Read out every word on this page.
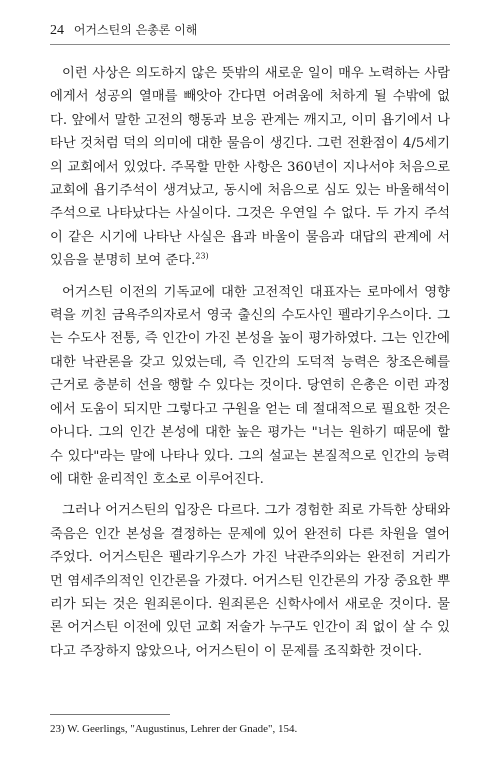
24 어거스틴의 은총론 이해

이런 사상은 의도하지 않은 뜻밖의 새로운 일이 매우 노력하는 사람에게서 성공의 열매를 빼앗아 간다면 어려움에 처하게 될 수밖에 없다. 앞에서 말한 고전의 행동과 보응 관계는 깨지고, 이미 욥기에서 나타난 것처럼 덕의 의미에 대한 물음이 생긴다. 그런 전환점이 4/5세기의 교회에서 있었다. 주목할 만한 사항은 360년이 지나서야 처음으로 교회에 욥기주석이 생겨났고, 동시에 처음으로 심도 있는 바울해석이 주석으로 나타났다는 사실이다. 그것은 우연일 수 없다. 두 가지 주석이 같은 시기에 나타난 사실은 욥과 바울이 물음과 대답의 관계에 서 있음을 분명히 보여 준다.$^{23)}$

어거스틴 이전의 기독교에 대한 고전적인 대표자는 로마에서 영향력을 끼친 금욕주의자로서 영국 출신의 수도사인 펠라기우스이다. 그는 수도사 전통, 즉 인간이 가진 본성을 높이 평가하였다. 그는 인간에 대한 낙관론을 갖고 있었는데, 즉 인간의 도덕적 능력은 창조은혜를 근거로 충분히 선을 행할 수 있다는 것이다. 당연히 은총은 이런 과정에서 도움이 되지만 그렇다고 구원을 얻는 데 절대적으로 필요한 것은 아니다. 그의 인간 본성에 대한 높은 평가는 "너는 원하기 때문에 할 수 있다"라는 말에 나타나 있다. 그의 설교는 본질적으로 인간의 능력에 대한 윤리적인 호소로 이루어진다.

그러나 어거스틴의 입장은 다르다. 그가 경험한 죄로 가득한 상태와 죽음은 인간 본성을 결정하는 문제에 있어 완전히 다른 차원을 열어 주었다. 어거스틴은 펠라기우스가 가진 낙관주의와는 완전히 거리가 먼 염세주의적인 인간론을 가졌다. 어거스틴 인간론의 가장 중요한 뿌리가 되는 것은 원죄론이다. 원죄론은 신학사에서 새로운 것이다. 물론 어거스틴 이전에 있던 교회 저술가 누구도 인간이 죄 없이 살 수 있다고 주장하지 않았으나, 어거스틴이 이 문제를 조직화한 것이다.

23) W. Geerlings, "Augustinus, Lehrer der Gnade", 154.
